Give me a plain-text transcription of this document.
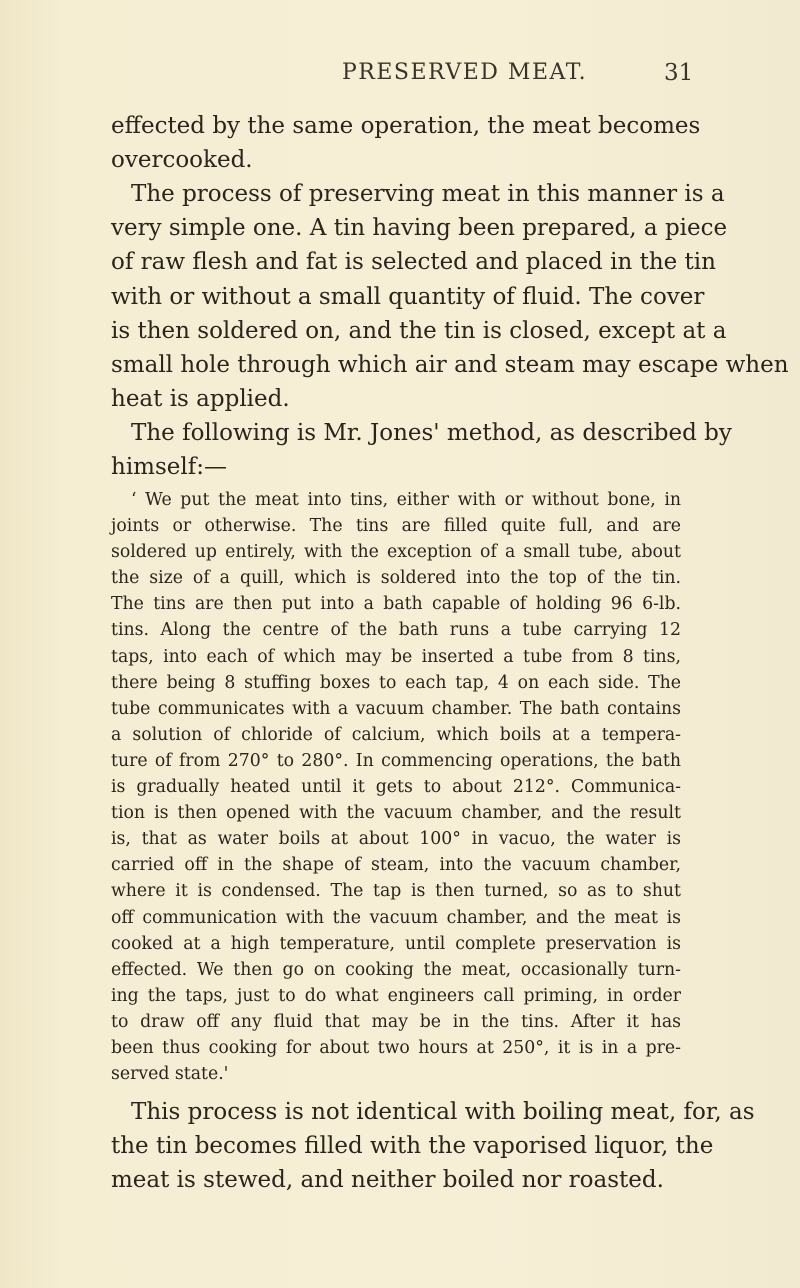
PRESERVED MEAT.	31
effected by the same operation, the meat becomes
overcooked.
The process of preserving meat in this manner is a
very simple one. A tin having been prepared, a piece
of raw flesh and fat is selected and placed in the tin
with or without a small quantity of fluid. The cover
is then soldered on, and the tin is closed, except at a
small hole through which air and steam may escape when
heat is applied.
The following is Mr. Jones' method, as described by
himself:—
‘ We put the meat into tins, either with or without bone, in
joints or otherwise. The tins are filled quite full, and are
soldered up entirely, with the exception of a small tube, about
the size of a quill, which is soldered into the top of the tin.
The tins are then put into a bath capable of holding 96 6-lb.
tins. Along the centre of the bath runs a tube carrying 12
taps, into each of which may be inserted a tube from 8 tins,
there being 8 stuffing boxes to each tap, 4 on each side. The
tube communicates with a vacuum chamber. The bath contains
a solution of chloride of calcium, which boils at a tempera-
ture of from 270° to 280°. In commencing operations, the bath
is gradually heated until it gets to about 212°. Communica-
tion is then opened with the vacuum chamber, and the result
is, that as water boils at about 100° in vacuo, the water is
carried off in the shape of steam, into the vacuum chamber,
where it is condensed. The tap is then turned, so as to shut
off communication with the vacuum chamber, and the meat is
cooked at a high temperature, until complete preservation is
effected. We then go on cooking the meat, occasionally turn-
ing the taps, just to do what engineers call priming, in order
to draw off any fluid that may be in the tins. After it has
been thus cooking for about two hours at 250°, it is in a pre-
served state.'
This process is not identical with boiling meat, for, as
the tin becomes filled with the vaporised liquor, the
meat is stewed, and neither boiled nor roasted.
